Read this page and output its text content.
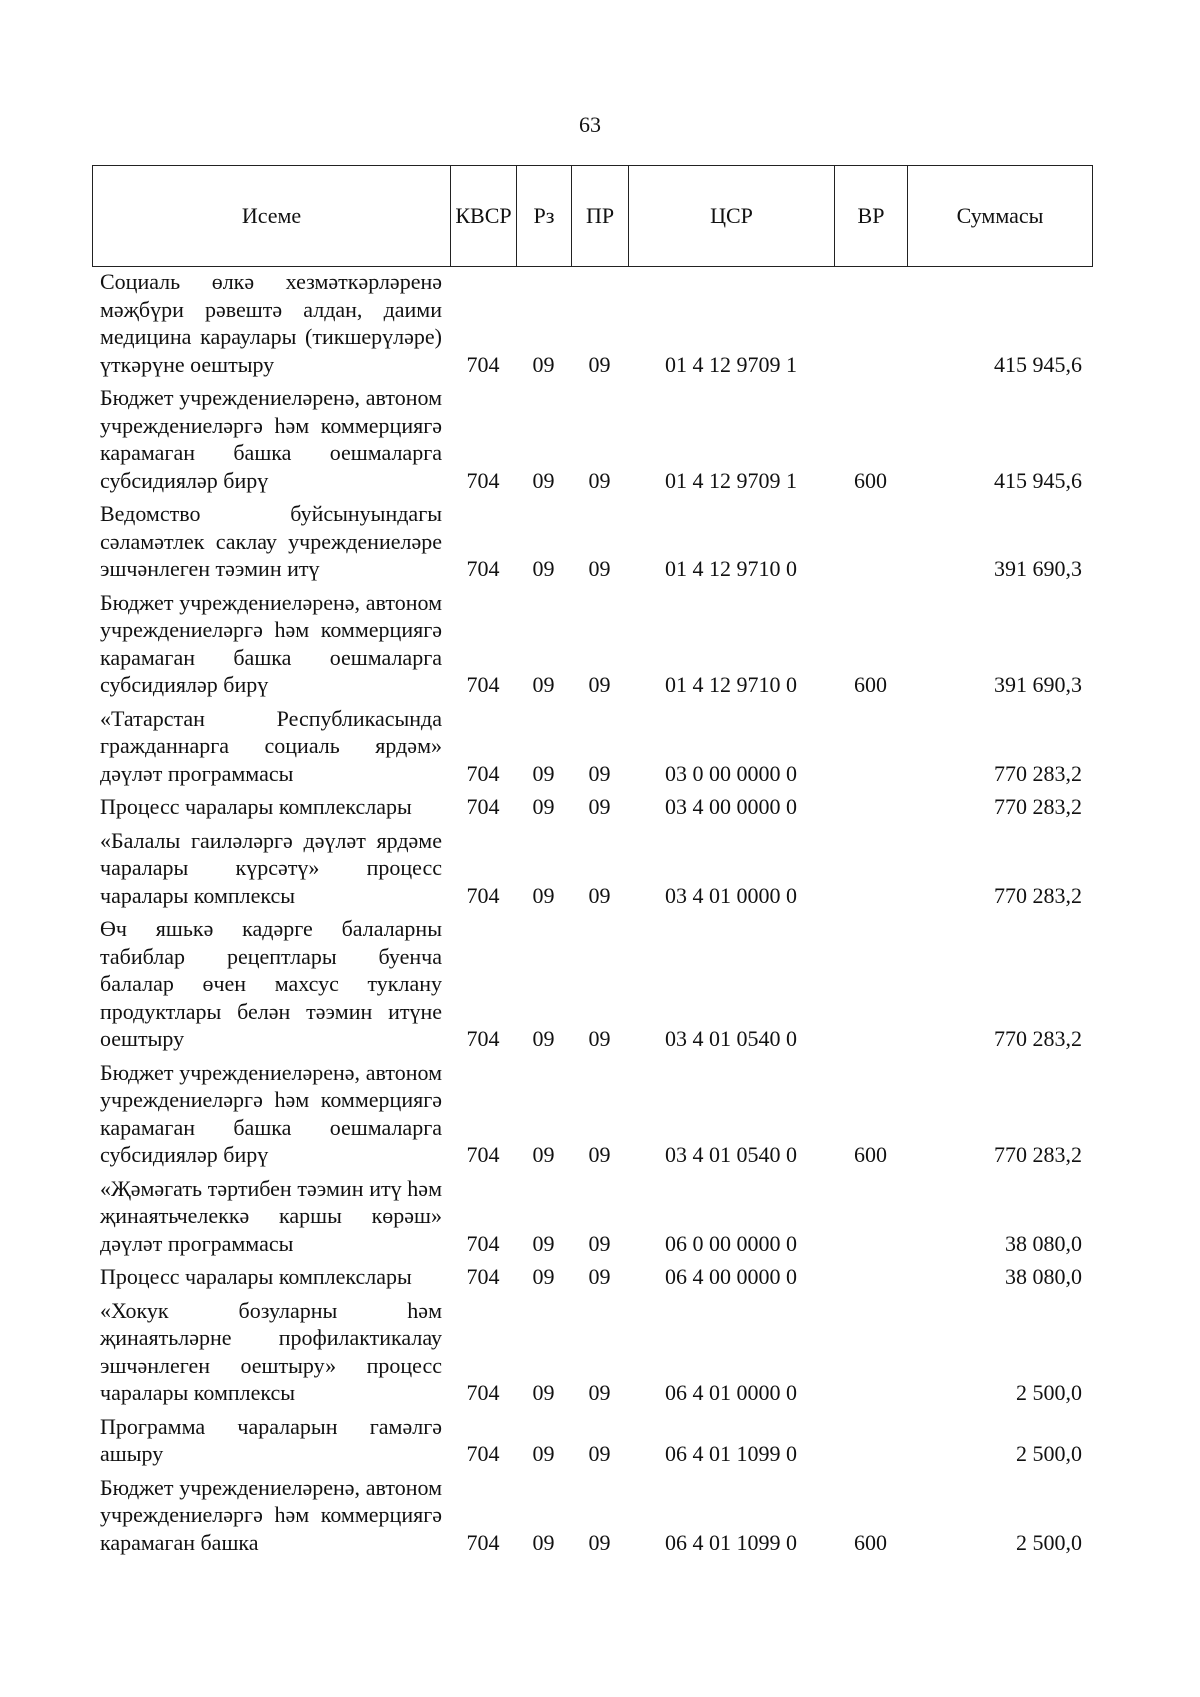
63
Исеме	КВСР	Рз	ПР	ЦСР	ВР	Суммасы
Социаль өлкә хезмәткәрләренә мәҗбүри рәвештә алдан, даими медицина караулары (тикшерүләре) үткәрүне оештыру	704	09	09	01 4 12 9709 1		415 945,6
Бюджет учреждениеләренә, автоном учреждениеләргә һәм коммерциягә карамаган башка оешмаларга субсидияләр бирү	704	09	09	01 4 12 9709 1	600	415 945,6
Ведомство буйсынуындагы сәламәтлек саклау учреждениеләре эшчәнлеген тәэмин итү	704	09	09	01 4 12 9710 0		391 690,3
Бюджет учреждениеләренә, автоном учреждениеләргә һәм коммерциягә карамаган башка оешмаларга субсидияләр бирү	704	09	09	01 4 12 9710 0	600	391 690,3
«Татарстан Республикасында гражданнарга социаль ярдәм» дәүләт программасы	704	09	09	03 0 00 0000 0		770 283,2
Процесс чаралары комплекслары	704	09	09	03 4 00 0000 0		770 283,2
«Балалы гаиләләргә дәүләт ярдәме чаралары күрсәтү» процесс чаралары комплексы	704	09	09	03 4 01 0000 0		770 283,2
Өч яшькә кадәрге балаларны табиблар рецептлары буенча балалар өчен махсус туклану продуктлары белән тәэмин итүне оештыру	704	09	09	03 4 01 0540 0		770 283,2
Бюджет учреждениеләренә, автоном учреждениеләргә һәм коммерциягә карамаган башка оешмаларга субсидияләр бирү	704	09	09	03 4 01 0540 0	600	770 283,2
«Җәмәгать тәртибен тәэмин итү һәм җинаятьчелеккә каршы көрәш» дәүләт программасы	704	09	09	06 0 00 0000 0		38 080,0
Процесс чаралары комплекслары	704	09	09	06 4 00 0000 0		38 080,0
«Хокук бозуларны һәм җинаятьләрне профилактикалау эшчәнлеген оештыру» процесс чаралары комплексы	704	09	09	06 4 01 0000 0		2 500,0
Программа чараларын гамәлгә ашыру	704	09	09	06 4 01 1099 0		2 500,0
Бюджет учреждениеләренә, автоном учреждениеләргә һәм коммерциягә карамаган башка	704	09	09	06 4 01 1099 0	600	2 500,0
